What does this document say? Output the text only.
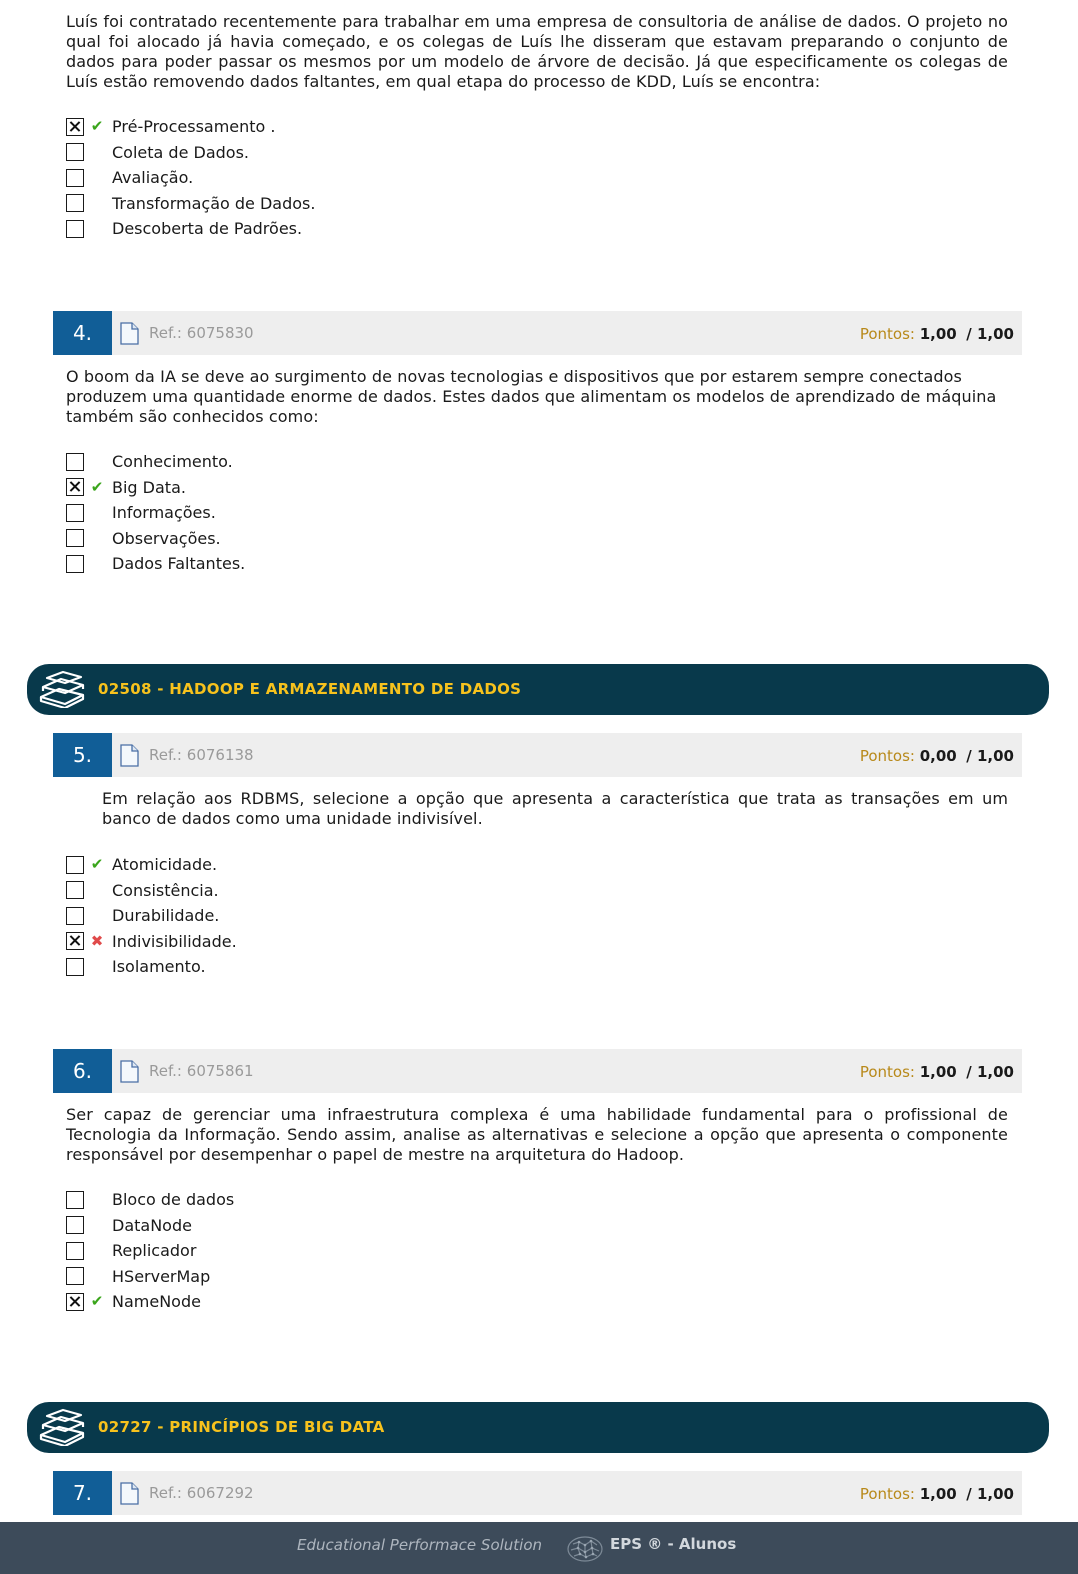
Luís foi contratado recentemente para trabalhar em uma empresa de consultoria de análise de dados. O projeto no qual foi alocado já havia começado, e os colegas de Luís lhe disseram que estavam preparando o conjunto de dados para poder passar os mesmos por um modelo de árvore de decisão. Já que especificamente os colegas de Luís estão removendo dados faltantes, em qual etapa do processo de KDD, Luís se encontra:
✔ Pré-Processamento .
Coleta de Dados.
Avaliação.
Transformação de Dados.
Descoberta de Padrões.
4.	Ref.: 6075830	Pontos: 1,00 / 1,00
O boom da IA se deve ao surgimento de novas tecnologias e dispositivos que por estarem sempre conectados produzem uma quantidade enorme de dados. Estes dados que alimentam os modelos de aprendizado de máquina também são conhecidos como:
Conhecimento.
✔ Big Data.
Informações.
Observações.
Dados Faltantes.
02508 - HADOOP E ARMAZENAMENTO DE DADOS
5.	Ref.: 6076138	Pontos: 0,00 / 1,00
Em relação aos RDBMS, selecione a opção que apresenta a característica que trata as transações em um banco de dados como uma unidade indivisível.
✔ Atomicidade.
Consistência.
Durabilidade.
✖ Indivisibilidade.
Isolamento.
6.	Ref.: 6075861	Pontos: 1,00 / 1,00
Ser capaz de gerenciar uma infraestrutura complexa é uma habilidade fundamental para o profissional de Tecnologia da Informação. Sendo assim, analise as alternativas e selecione a opção que apresenta o componente responsável por desempenhar o papel de mestre na arquitetura do Hadoop.
Bloco de dados
DataNode
Replicador
HServerMap
✔ NameNode
02727 - PRINCÍPIOS DE BIG DATA
7.	Ref.: 6067292	Pontos: 1,00 / 1,00
Educational Performace Solution	EPS ® - Alunos
